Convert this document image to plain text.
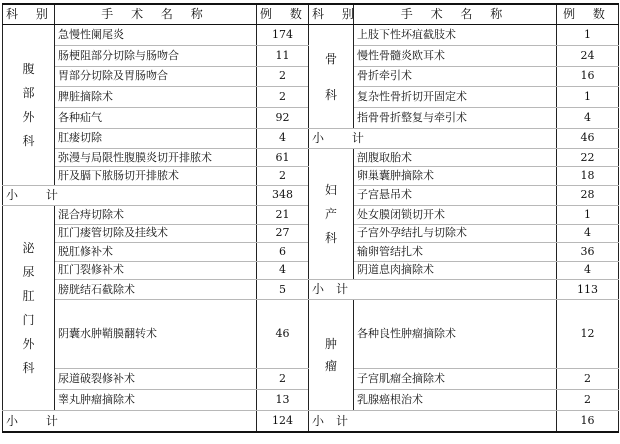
科 别	手 术 名 称	例 数	科 别	手 术 名 称	例 数
腹部外科	急慢性阑尾炎	174	骨科	上肢下性坏疽截肢术	1
	肠梗阻部分切除与肠吻合	11		慢性骨髓炎欧耳术	24
	胃部分切除及胃肠吻合	2		骨折牵引术	16
	脾脏摘除术	2		复杂性骨折切开固定术	1
	各种疝气	92		指骨骨折整复与牵引术	4
	肛瘘切除	4	小 计		46
	弥漫与局限性腹膜炎切开排脓术	61	妇产科	剖腹取胎术	22
	肝及膈下脓肠切开排脓术	2		卵巢囊肿摘除术	18
小 计		348		子宫悬吊术	28
泌尿肛门外科	混合痔切除术	21		处女膜闭锁切开术	1
	肛门瘘管切除及挂线术	27		子宫外孕结扎与切除术	4
	脱肛修补术	6		输卵管结扎术	36
	肛门裂修补术	4		阴道息肉摘除术	4
	膀胱结石截除术	5	小计		113
	阴囊水肿鞘膜翻转术	46	肿瘤	各种良性肿瘤摘除术	12
	尿道破裂修补术	2		子宫肌瘤全摘除术	2
	睾丸肿瘤摘除术	13		乳腺癌根治术	2
小 计		124	小计		16
